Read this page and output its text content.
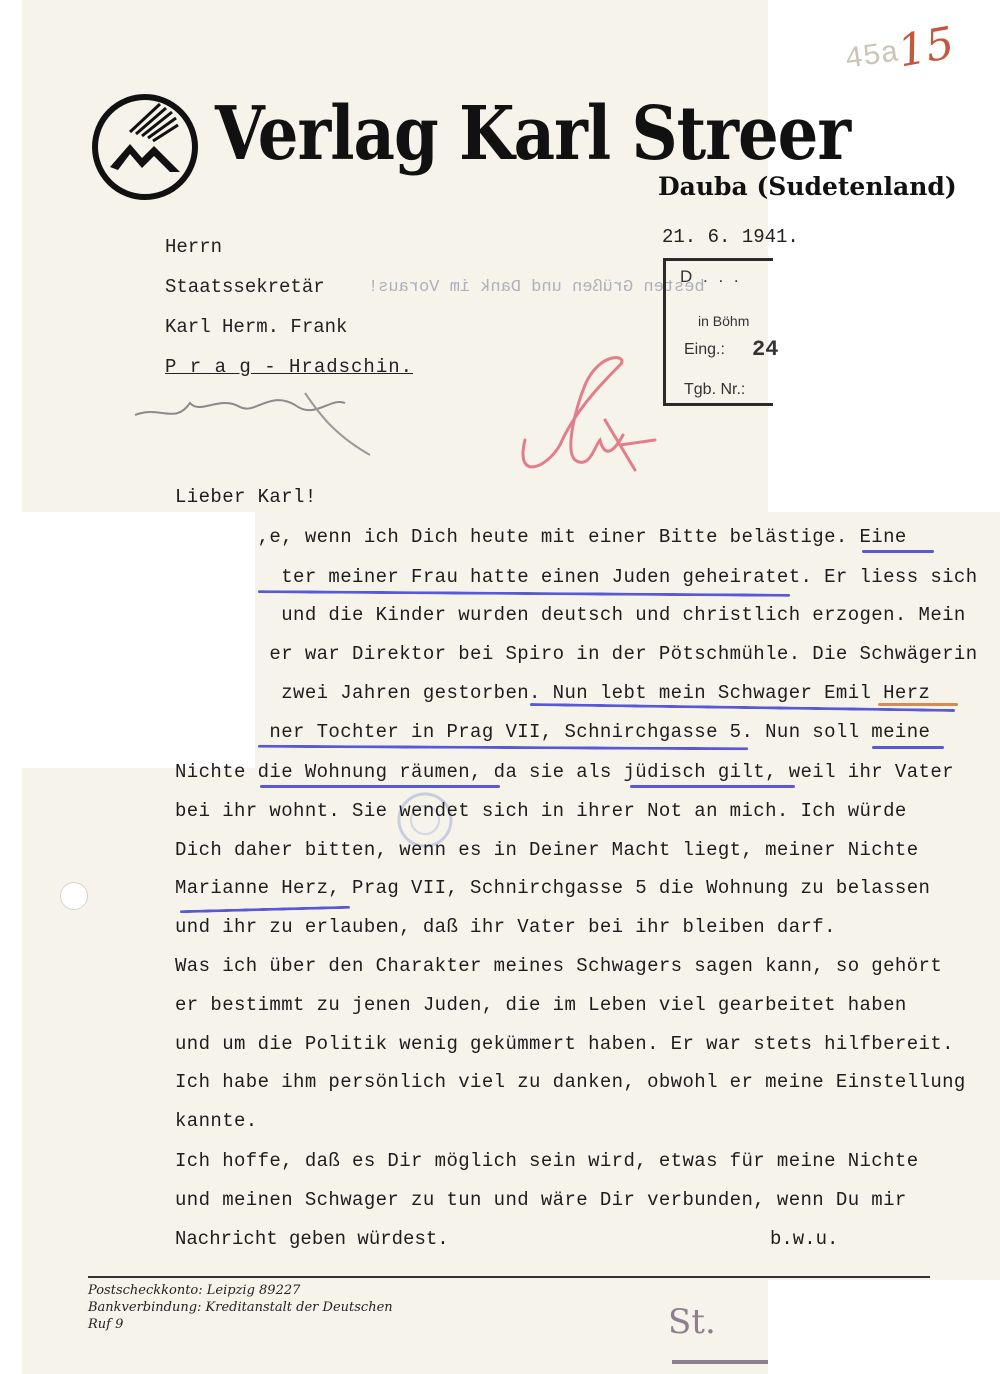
Verlag Karl Streer
Dauba (Sudetenland)
21. 6. 1941.
15
45a

Herrn

Staatssekretär

Karl Herm. Frank

P r a g - Hradschin.

besten Grüßen und Dank im Voraus!
D . . .
in Böhm
Eing.: 24
Tgb. Nr.:

Lieber Karl!

,e, wenn ich Dich heute mit einer Bitte belästige. Eine

ter meiner Frau hatte einen Juden geheiratet. Er liess sich

und die Kinder wurden deutsch und christlich erzogen. Mein

er war Direktor bei Spiro in der Pötschmühle. Die Schwägerin

zwei Jahren gestorben. Nun lebt mein Schwager Emil Herz

ner Tochter in Prag VII, Schnirchgasse 5. Nun soll meine

Nichte die Wohnung räumen, da sie als jüdisch gilt, weil ihr Vater

bei ihr wohnt. Sie wendet sich in ihrer Not an mich. Ich würde

Dich daher bitten, wenn es in Deiner Macht liegt, meiner Nichte

Marianne Herz, Prag VII, Schnirchgasse 5 die Wohnung zu belassen

und ihr zu erlauben, daß ihr Vater bei ihr bleiben darf.

Was ich über den Charakter meines Schwagers sagen kann, so gehört

er bestimmt zu jenen Juden, die im Leben viel gearbeitet haben

und um die Politik wenig gekümmert haben. Er war stets hilfbereit.

Ich habe ihm persönlich viel zu danken, obwohl er meine Einstellung

kannte.

Ich hoffe, daß es Dir möglich sein wird, etwas für meine Nichte

und meinen Schwager zu tun und wäre Dir verbunden, wenn Du mir

Nachricht geben würdest.	b.w.u.

Postscheckkonto: Leipzig 89227

Bankverbindung: Kreditanstalt der Deutschen

Ruf 9	St.
